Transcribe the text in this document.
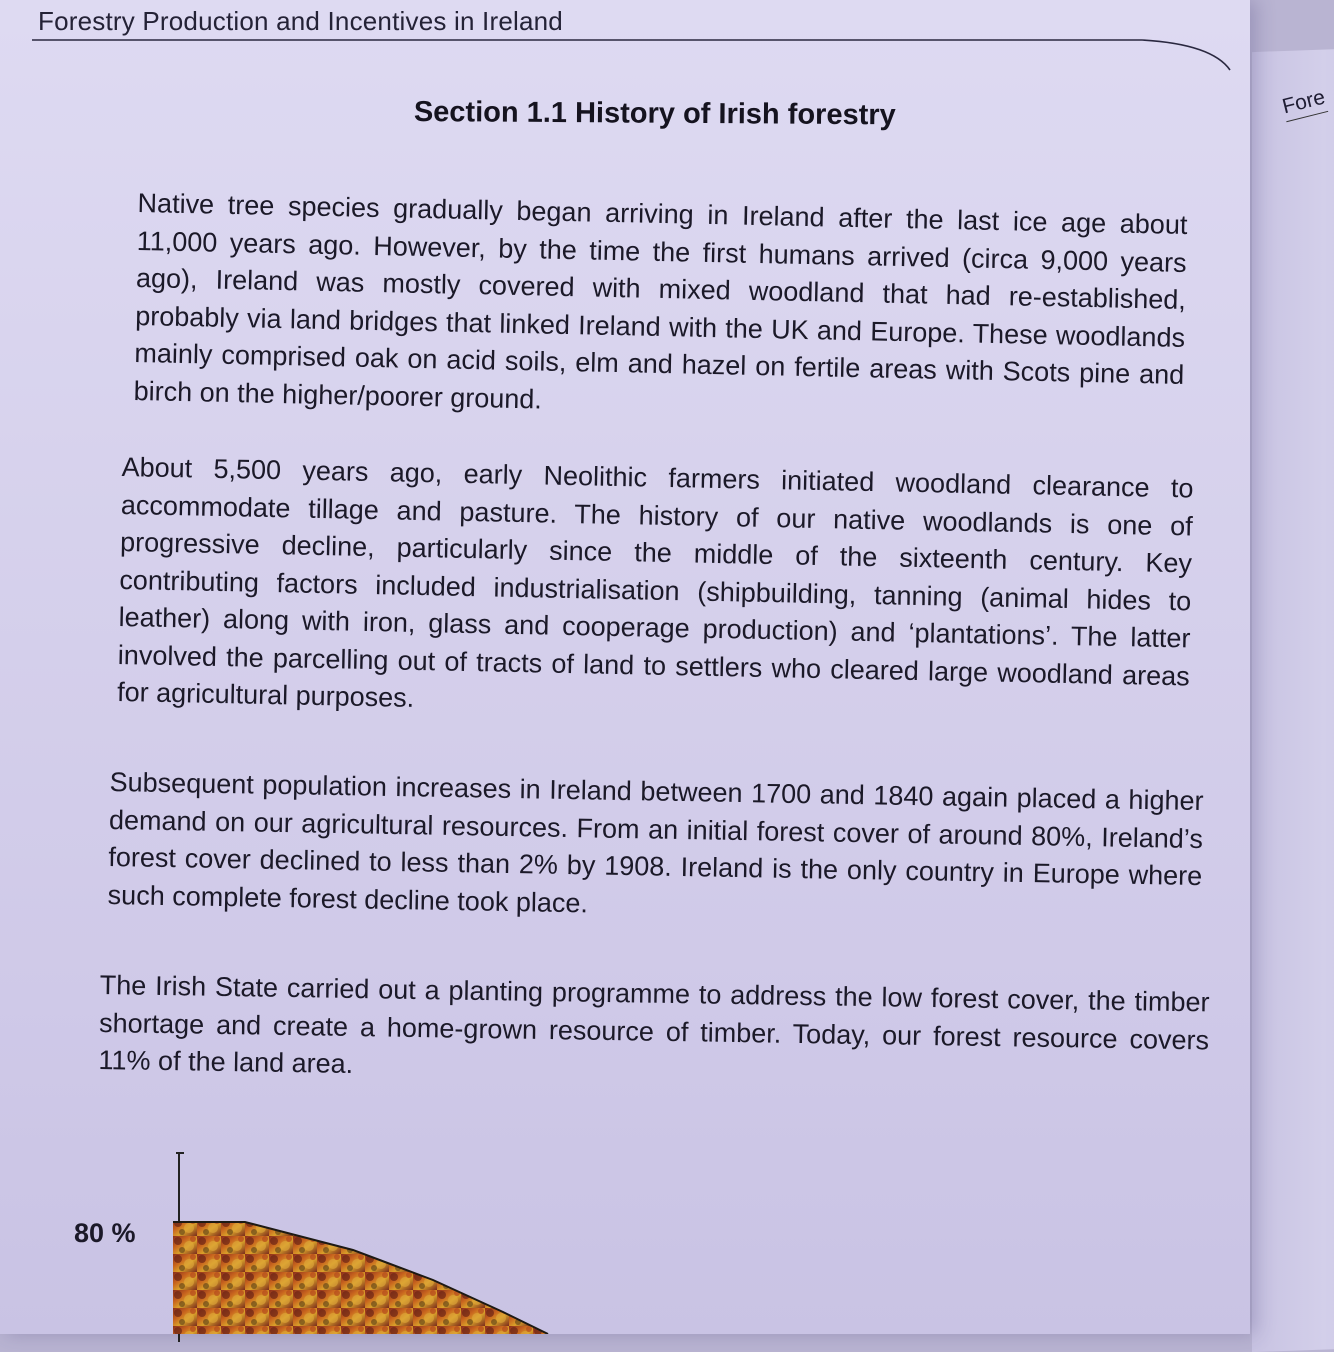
Fore
Forestry Production and Incentives in Ireland
Section 1.1 History of Irish forestry

Native tree species gradually began arriving in Ireland after the last ice age about 11,000 years ago. However, by the time the first humans arrived (circa 9,000 years ago), Ireland was mostly covered with mixed woodland that had re-established, probably via land bridges that linked Ireland with the UK and Europe. These woodlands mainly comprised oak on acid soils, elm and hazel on fertile areas with Scots pine and birch on the higher/poorer ground.

About 5,500 years ago, early Neolithic farmers initiated woodland clearance to accommodate tillage and pasture. The history of our native woodlands is one of progressive decline, particularly since the middle of the sixteenth century. Key contributing factors included industrialisation (shipbuilding, tanning (animal hides to leather) along with iron, glass and cooperage production) and ‘plantations’. The latter involved the parcelling out of tracts of land to settlers who cleared large woodland areas for agricultural purposes.

Subsequent population increases in Ireland between 1700 and 1840 again placed a higher demand on our agricultural resources. From an initial forest cover of around 80%, Ireland’s forest cover declined to less than 2% by 1908. Ireland is the only country in Europe where such complete forest decline took place.

The Irish State carried out a planting programme to address the low forest cover, the timber shortage and create a home-grown resource of timber. Today, our forest resource covers 11% of the land area.

80 %
